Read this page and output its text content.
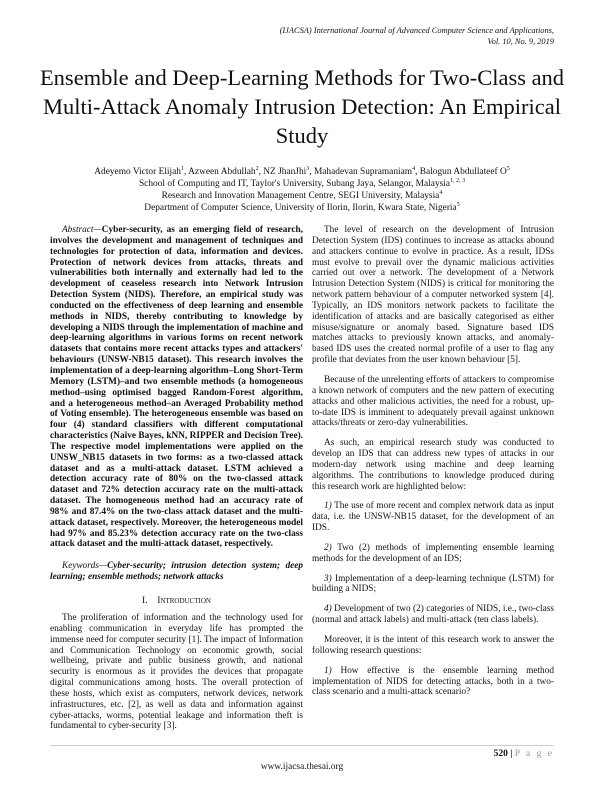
(IJACSA) International Journal of Advanced Computer Science and Applications,
Vol. 10, No. 9, 2019
Ensemble and Deep-Learning Methods for Two-Class and Multi-Attack Anomaly Intrusion Detection: An Empirical Study
Adeyemo Victor Elijah$^1$, Azween Abdullah$^2$, NZ JhanJhi$^3$, Mahadevan Supramaniam$^4$, Balogun Abdullateef $O^5$
School of Computing and IT, Taylor's University, Subang Jaya, Selangor, Malaysia$^{1, 2, 3}$
Research and Innovation Management Centre, SEGI University, Malaysia$^4$
Department of Computer Science, University of Ilorin, Ilorin, Kwara State, Nigeria$^5$

Abstract—Cyber-security, as an emerging field of research, involves the development and management of techniques and technologies for protection of data, information and devices. Protection of network devices from attacks, threats and vulnerabilities both internally and externally had led to the development of ceaseless research into Network Intrusion Detection System (NIDS). Therefore, an empirical study was conducted on the effectiveness of deep learning and ensemble methods in NIDS, thereby contributing to knowledge by developing a NIDS through the implementation of machine and deep-learning algorithms in various forms on recent network datasets that contains more recent attacks types and attackers' behaviours (UNSW-NB15 dataset). This research involves the implementation of a deep-learning algorithm–Long Short-Term Memory (LSTM)–and two ensemble methods (a homogeneous method–using optimised bagged Random-Forest algorithm, and a heterogeneous method–an Averaged Probability method of Voting ensemble). The heterogeneous ensemble was based on four (4) standard classifiers with different computational characteristics (Naïve Bayes, kNN, RIPPER and Decision Tree). The respective model implementations were applied on the UNSW_NB15 datasets in two forms: as a two-classed attack dataset and as a multi-attack dataset. LSTM achieved a detection accuracy rate of 80% on the two-classed attack dataset and 72% detection accuracy rate on the multi-attack dataset. The homogeneous method had an accuracy rate of 98% and 87.4% on the two-class attack dataset and the multi-attack dataset, respectively. Moreover, the heterogeneous model had 97% and 85.23% detection accuracy rate on the two-class attack dataset and the multi-attack dataset, respectively.

Keywords—Cyber-security; intrusion detection system; deep learning; ensemble methods; network attacks

I. Introduction

The proliferation of information and the technology used for enabling communication in everyday life has prompted the immense need for computer security [1]. The impact of Information and Communication Technology on economic growth, social wellbeing, private and public business growth, and national security is enormous as it provides the devices that propagate digital communications among hosts. The overall protection of these hosts, which exist as computers, network devices, network infrastructures, etc. [2], as well as data and information against cyber-attacks, worms, potential leakage and information theft is fundamental to cyber-security [3].

The level of research on the development of Intrusion Detection System (IDS) continues to increase as attacks abound and attackers continue to evolve in practice. As a result, IDSs must evolve to prevail over the dynamic malicious activities carried out over a network. The development of a Network Intrusion Detection System (NIDS) is critical for monitoring the network pattern behaviour of a computer networked system [4]. Typically, an IDS monitors network packets to facilitate the identification of attacks and are basically categorised as either misuse/signature or anomaly based. Signature based IDS matches attacks to previously known attacks, and anomaly-based IDS uses the created normal profile of a user to flag any profile that deviates from the user known behaviour [5].

Because of the unrelenting efforts of attackers to compromise a known network of computers and the new pattern of executing attacks and other malicious activities, the need for a robust, up-to-date IDS is imminent to adequately prevail against unknown attacks/threats or zero-day vulnerabilities.

As such, an empirical research study was conducted to develop an IDS that can address new types of attacks in our modern-day network using machine and deep learning algorithms. The contributions to knowledge produced during this research work are highlighted below:

1) The use of more recent and complex network data as input data, i.e. the UNSW-NB15 dataset, for the development of an IDS.

2) Two (2) methods of implementing ensemble learning methods for the development of an IDS;

3) Implementation of a deep-learning technique (LSTM) for building a NIDS;

4) Development of two (2) categories of NIDS, i.e., two-class (normal and attack labels) and multi-attack (ten class labels).

Moreover, it is the intent of this research work to answer the following research questions:

1) How effective is the ensemble learning method implementation of NIDS for detecting attacks, both in a two-class scenario and a multi-attack scenario?

520 | P a g e
www.ijacsa.thesai.org
